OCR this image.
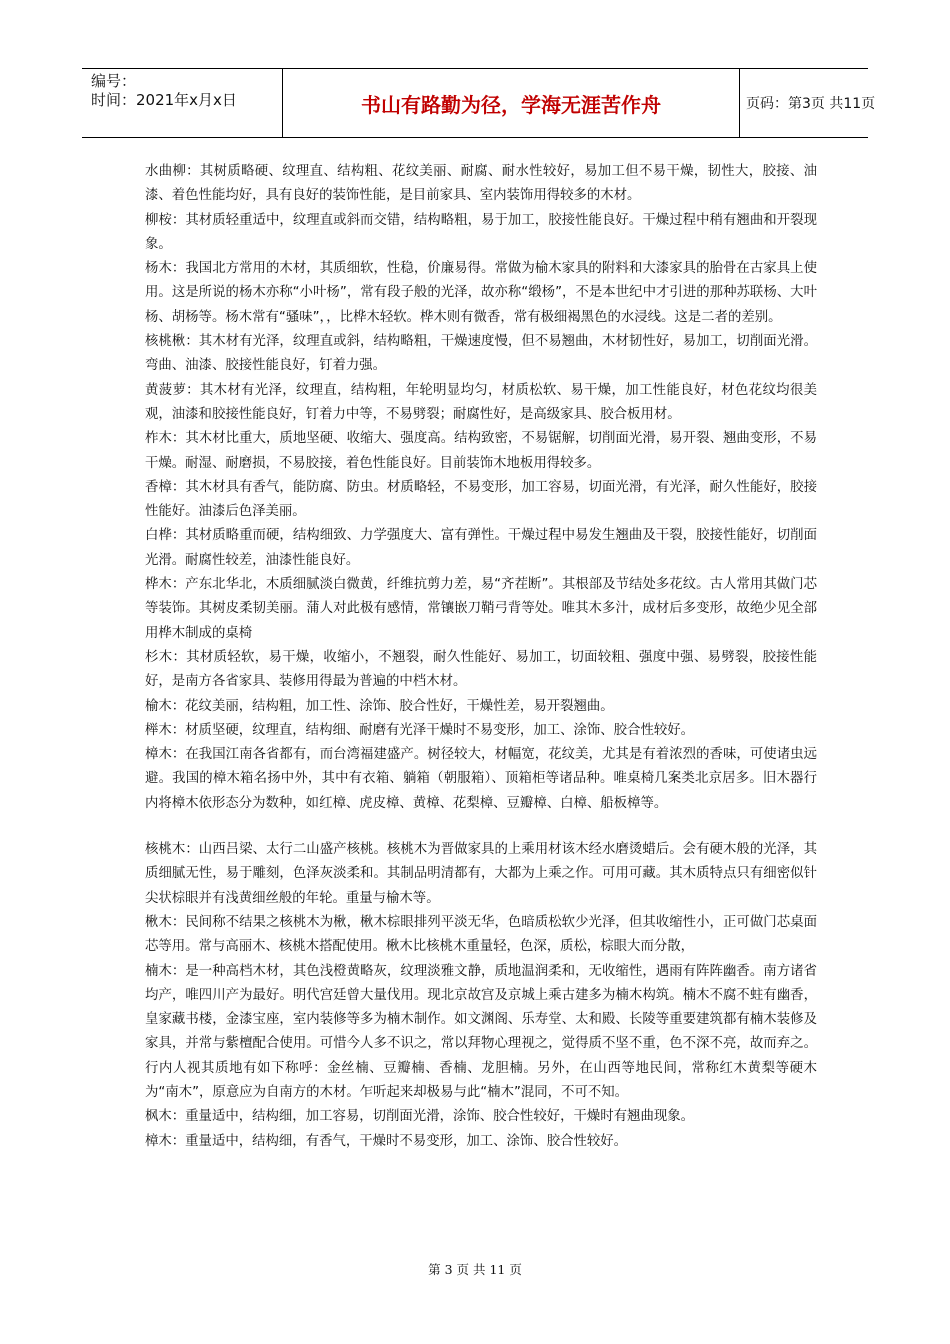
编号：
时间：2021年x月x日	书山有路勤为径，学海无涯苦作舟	页码：第3页 共11页

水曲柳：其树质略硬、纹理直、结构粗、花纹美丽、耐腐、耐水性较好，易加工但不易干燥，韧性大，胶接、油漆、着色性能均好，具有良好的装饰性能，是目前家具、室内装饰用得较多的木材。

柳桉：其材质轻重适中，纹理直或斜而交错，结构略粗，易于加工，胶接性能良好。干燥过程中稍有翘曲和开裂现象。

杨木：我国北方常用的木材，其质细软，性稳，价廉易得。常做为榆木家具的附料和大漆家具的胎骨在古家具上使用。这是所说的杨木亦称“小叶杨”，常有段子般的光泽，故亦称“缎杨”，不是本世纪中才引进的那种苏联杨、大叶杨、胡杨等。杨木常有“骚味”，，比桦木轻软。桦木则有微香，常有极细褐黑色的水浸线。这是二者的差别。

核桃楸：其木材有光泽，纹理直或斜，结构略粗，干燥速度慢，但不易翘曲，木材韧性好，易加工，切削面光滑。弯曲、油漆、胶接性能良好，钉着力强。

黄菠萝：其木材有光泽，纹理直，结构粗，年轮明显均匀，材质松软、易干燥，加工性能良好，材色花纹均很美观，油漆和胶接性能良好，钉着力中等，不易劈裂；耐腐性好，是高级家具、胶合板用材。

柞木：其木材比重大，质地坚硬、收缩大、强度高。结构致密，不易锯解，切削面光滑，易开裂、翘曲变形，不易干燥。耐湿、耐磨损，不易胶接，着色性能良好。目前装饰木地板用得较多。

香樟：其木材具有香气，能防腐、防虫。材质略轻，不易变形，加工容易，切面光滑，有光泽，耐久性能好，胶接性能好。油漆后色泽美丽。

白桦：其材质略重而硬，结构细致、力学强度大、富有弹性。干燥过程中易发生翘曲及干裂，胶接性能好，切削面光滑。耐腐性较差，油漆性能良好。

桦木：产东北华北，木质细腻淡白微黄，纤维抗剪力差，易“齐茬断”。其根部及节结处多花纹。古人常用其做门芯等装饰。其树皮柔韧美丽。蒲人对此极有感情，常镶嵌刀鞘弓背等处。唯其木多汁，成材后多变形，故绝少见全部用桦木制成的桌椅

杉木：其材质轻软，易干燥，收缩小，不翘裂，耐久性能好、易加工，切面较粗、强度中强、易劈裂，胶接性能好，是南方各省家具、装修用得最为普遍的中档木材。

榆木：花纹美丽，结构粗，加工性、涂饰、胶合性好，干燥性差，易开裂翘曲。

榉木：材质坚硬，纹理直，结构细、耐磨有光泽干燥时不易变形，加工、涂饰、胶合性较好。

樟木：在我国江南各省都有，而台湾福建盛产。树径较大，材幅宽，花纹美，尤其是有着浓烈的香味，可使诸虫远避。我国的樟木箱名扬中外，其中有衣箱、躺箱（朝服箱）、顶箱柜等诸品种。唯桌椅几案类北京居多。旧木器行内将樟木依形态分为数种，如红樟、虎皮樟、黄樟、花梨樟、豆瓣樟、白樟、船板樟等。

核桃木：山西吕梁、太行二山盛产核桃。核桃木为晋做家具的上乘用材该木经水磨烫蜡后。会有硬木般的光泽，其质细腻无性，易于雕刻，色泽灰淡柔和。其制品明清都有，大都为上乘之作。可用可藏。其木质特点只有细密似针尖状棕眼并有浅黄细丝般的年轮。重量与榆木等。

楸木：民间称不结果之核桃木为楸，楸木棕眼排列平淡无华，色暗质松软少光泽，但其收缩性小，正可做门芯桌面芯等用。常与高丽木、核桃木搭配使用。楸木比核桃木重量轻，色深，质松，棕眼大而分散，

楠木：是一种高档木材，其色浅橙黄略灰，纹理淡雅文静，质地温润柔和，无收缩性，遇雨有阵阵幽香。南方诸省均产，唯四川产为最好。明代宫廷曾大量伐用。现北京故宫及京城上乘古建多为楠木构筑。楠木不腐不蛀有幽香，皇家藏书楼，金漆宝座，室内装修等多为楠木制作。如文渊阁、乐寿堂、太和殿、长陵等重要建筑都有楠木装修及家具，并常与紫檀配合使用。可惜今人多不识之，常以拜物心理视之，觉得质不坚不重，色不深不亮，故而弃之。行内人视其质地有如下称呼：金丝楠、豆瓣楠、香楠、龙胆楠。另外，在山西等地民间，常称红木黄梨等硬木为“南木”，原意应为自南方的木材。乍听起来却极易与此“楠木”混同，不可不知。

枫木：重量适中，结构细，加工容易，切削面光滑，涂饰、胶合性较好，干燥时有翘曲现象。

樟木：重量适中，结构细，有香气，干燥时不易变形，加工、涂饰、胶合性较好。

第 3 页 共 11 页
